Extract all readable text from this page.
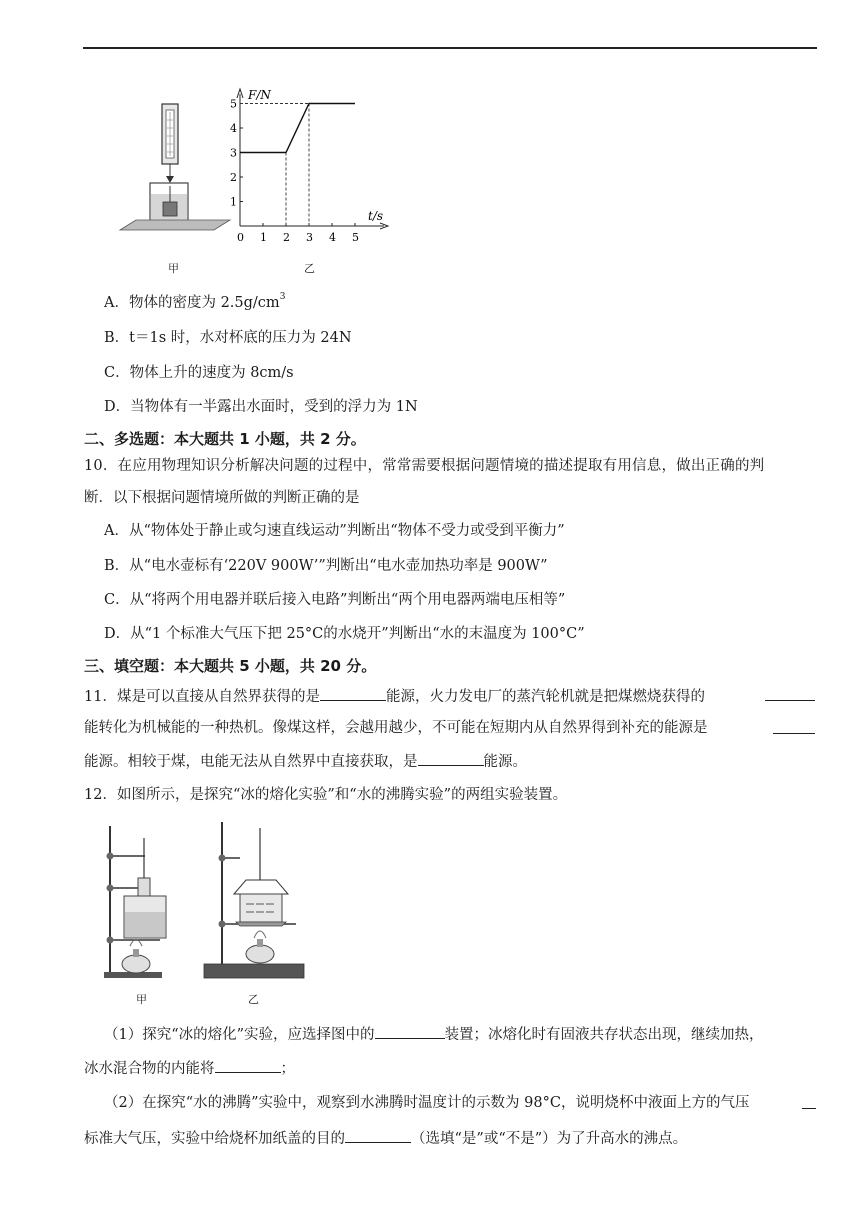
F/N
t/s
0 1 2 3 4 5
1
2
3
4
5
甲	乙
A．物体的密度为 $2.5g/cm^3$
B．t＝1s 时，水对杯底的压力为 24N
C．物体上升的速度为 8cm/s
D．当物体有一半露出水面时，受到的浮力为 1N
二、多选题：本大题共 1 小题，共 2 分。
10．在应用物理知识分析解决问题的过程中，常常需要根据问题情境的描述提取有用信息，做出正确的判
断．以下根据问题情境所做的判断正确的是
A．从“物体处于静止或匀速直线运动”判断出“物体不受力或受到平衡力”
B．从“电水壶标有‘220V 900W’”判断出“电水壶加热功率是 900W”
C．从“将两个用电器并联后接入电路”判断出“两个用电器两端电压相等”
D．从“1 个标准大气压下把 25°C的水烧开”判断出“水的末温度为 100°C”
三、填空题：本大题共 5 小题，共 20 分。
11．煤是可以直接从自然界获得的是	能源，火力发电厂的蒸汽轮机就是把煤燃烧获得的
能转化为机械能的一种热机。像煤这样，会越用越少，不可能在短期内从自然界得到补充的能源是
能源。相较于煤，电能无法从自然界中直接获取，是	能源。
12．如图所示，是探究“冰的熔化实验”和“水的沸腾实验”的两组实验装置。
甲	乙
（1）探究“冰的熔化”实验，应选择图中的	装置；冰熔化时有固液共存状态出现，继续加热，
冰水混合物的内能将	；
（2）在探究“水的沸腾”实验中，观察到水沸腾时温度计的示数为 98°C，说明烧杯中液面上方的气压
标准大气压，实验中给烧杯加纸盖的目的	（选填“是”或“不是”）为了升高水的沸点。
